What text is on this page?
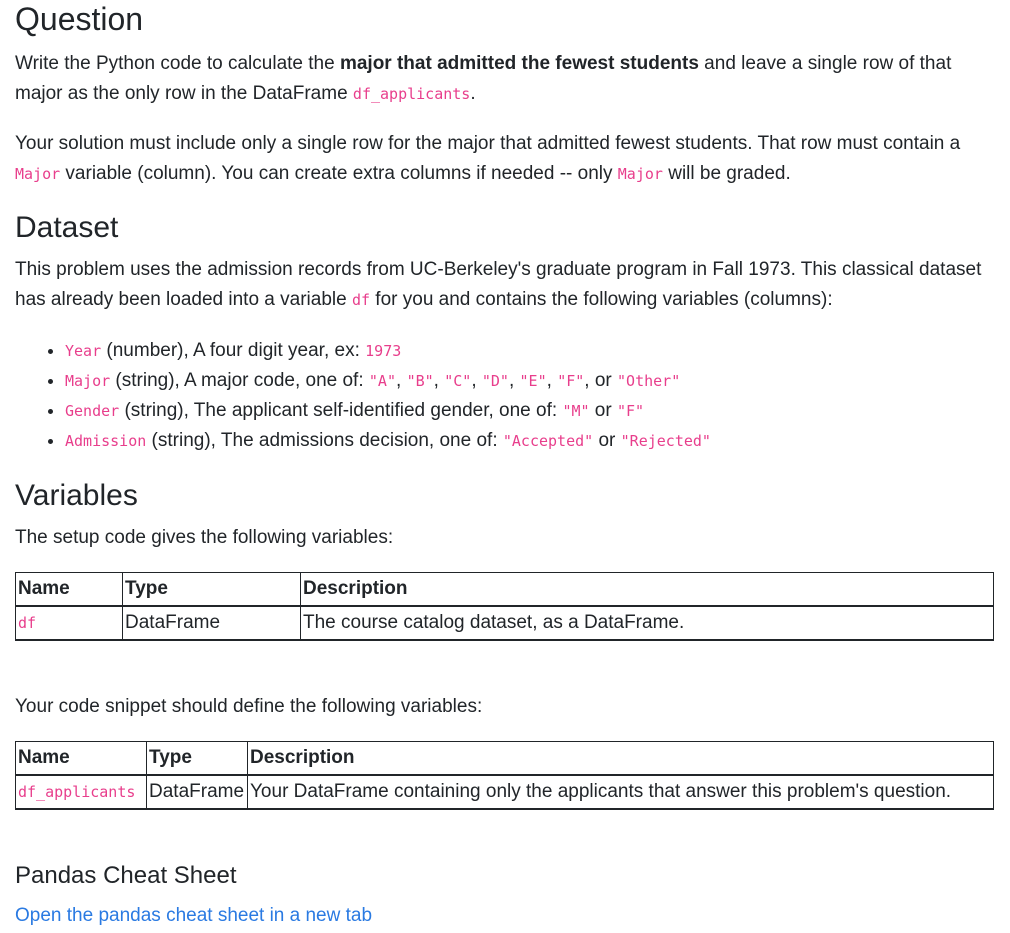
Question

Write the Python code to calculate the major that admitted the fewest students and leave a single row of that major as the only row in the DataFrame df_applicants.

Your solution must include only a single row for the major that admitted fewest students. That row must contain a Major variable (column). You can create extra columns if needed -- only Major will be graded.

Dataset

This problem uses the admission records from UC-Berkeley's graduate program in Fall 1973. This classical dataset has already been loaded into a variable df for you and contains the following variables (columns):

• Year (number), A four digit year, ex: 1973
• Major (string), A major code, one of: "A", "B", "C", "D", "E", "F", or "Other"
• Gender (string), The applicant self-identified gender, one of: "M" or "F"
• Admission (string), The admissions decision, one of: "Accepted" or "Rejected"
Variables

The setup code gives the following variables:

Name	Type	Description
df	DataFrame	The course catalog dataset, as a DataFrame.

Your code snippet should define the following variables:

Name	Type	Description
df_applicants	DataFrame	Your DataFrame containing only the applicants that answer this problem's question.
Pandas Cheat Sheet
Open the pandas cheat sheet in a new tab
